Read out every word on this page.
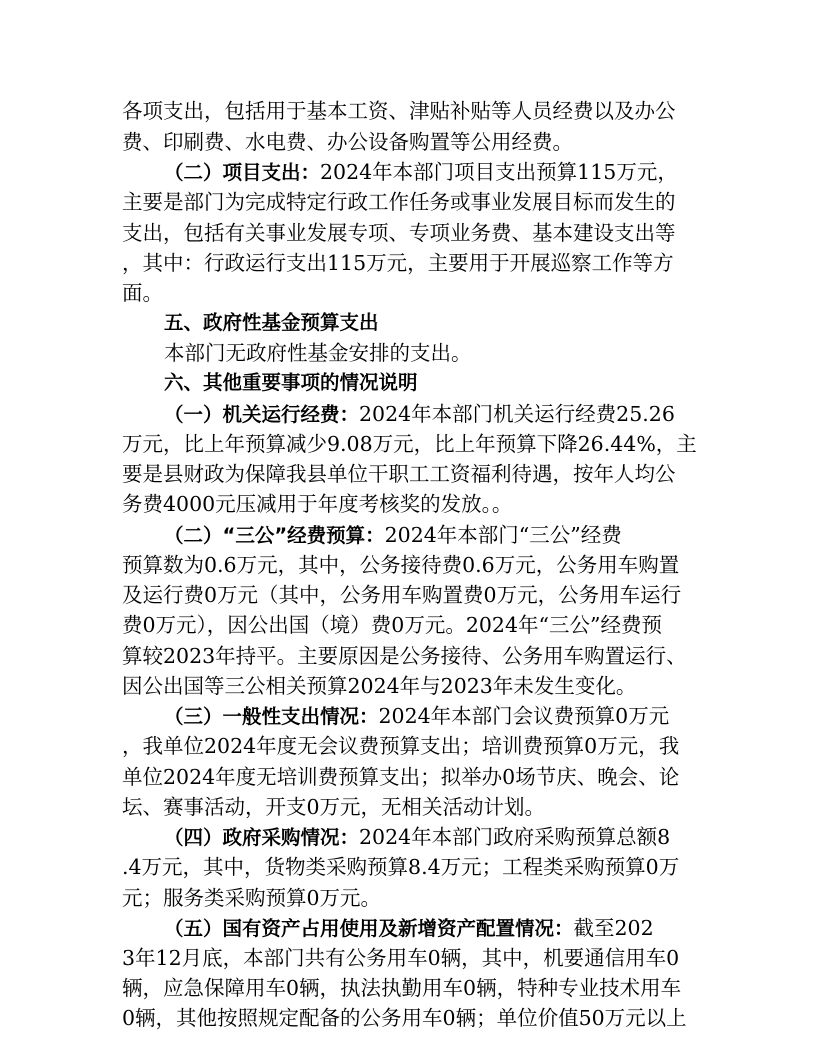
各项支出，包括用于基本工资、津贴补贴等人员经费以及办公
费、印刷费、水电费、办公设备购置等公用经费。
（二）项目支出：2024年本部门项目支出预算115万元，
主要是部门为完成特定行政工作任务或事业发展目标而发生的
支出，包括有关事业发展专项、专项业务费、基本建设支出等
，其中：行政运行支出115万元，主要用于开展巡察工作等方
面。
五、政府性基金预算支出
本部门无政府性基金安排的支出。
六、其他重要事项的情况说明
（一）机关运行经费：2024年本部门机关运行经费25.26
万元，比上年预算减少9.08万元，比上年预算下降26.44%，主
要是县财政为保障我县单位干职工工资福利待遇，按年人均公
务费4000元压减用于年度考核奖的发放。。
（二）“三公”经费预算：2024年本部门“三公”经费
预算数为0.6万元，其中，公务接待费0.6万元，公务用车购置
及运行费0万元（其中，公务用车购置费0万元，公务用车运行
费0万元），因公出国（境）费0万元。2024年“三公”经费预
算较2023年持平。主要原因是公务接待、公务用车购置运行、
因公出国等三公相关预算2024年与2023年未发生变化。
（三）一般性支出情况：2024年本部门会议费预算0万元
，我单位2024年度无会议费预算支出；培训费预算0万元，我
单位2024年度无培训费预算支出；拟举办0场节庆、晚会、论
坛、赛事活动，开支0万元，无相关活动计划。
（四）政府采购情况：2024年本部门政府采购预算总额8
.4万元，其中，货物类采购预算8.4万元；工程类采购预算0万
元；服务类采购预算0万元。
（五）国有资产占用使用及新增资产配置情况：截至202
3年12月底，本部门共有公务用车0辆，其中，机要通信用车0
辆，应急保障用车0辆，执法执勤用车0辆，特种专业技术用车
0辆，其他按照规定配备的公务用车0辆；单位价值50万元以上
